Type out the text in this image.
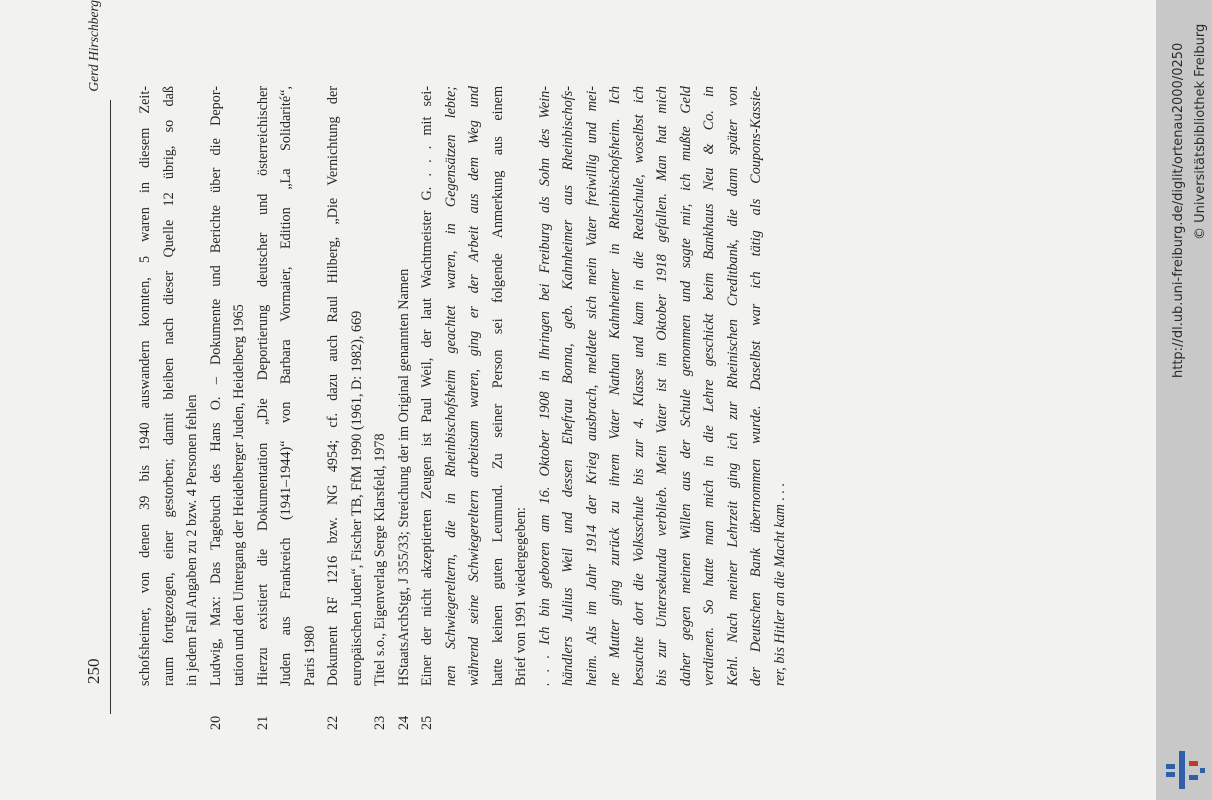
250
Gerd Hirschberg
schofsheimer, von denen 39 bis 1940 auswandern konnten, 5 waren in diesem Zeit- raum fortgezogen, einer gestorben; damit bleiben nach dieser Quelle 12 übrig, so daß in jedem Fall Angaben zu 2 bzw. 4 Personen fehlen
20
Ludwig, Max: Das Tagebuch des Hans O. – Dokumente und Berichte über die Depor- tation und den Untergang der Heidelberger Juden, Heidelberg 1965
21
Hierzu existiert die Dokumentation „Die Deportierung deutscher und österreichischer Juden aus Frankreich (1941–1944)“ von Barbara Vormaier, Edition „La Solidarité“, Paris 1980
22
Dokument RF 1216 bzw. NG 4954; cf. dazu auch Raul Hilberg, „Die Vernichtung der europäischen Juden“, Fischer TB, FfM 1990 (1961, D: 1982), 669
23
Titel s.o., Eigenverlag Serge Klarsfeld, 1978
24
HStaatsArchStgt, J 355/33; Streichung der im Original genannten Namen
25
Einer der nicht akzeptierten Zeugen ist Paul Weil, der laut Wachtmeister G. . . . mit sei- nen Schwiegereltern, die in Rheinbischofsheim geachtet waren, in Gegensätzen lebte; während seine Schwiegereltern arbeitsam waren, ging er der Arbeit aus dem Weg und hatte keinen guten Leumund. Zu seiner Person sei folgende Anmerkung aus einem Brief von 1991 wiedergegeben: . . . Ich bin geboren am 16. Oktober 1908 in Ihringen bei Freiburg als Sohn des Wein- händlers Julius Weil und dessen Ehefrau Bonna, geb. Kahnheimer aus Rheinbischofs- heim. Als im Jahr 1914 der Krieg ausbrach, meldete sich mein Vater freiwillig und mei- ne Mutter ging zurück zu ihrem Vater Nathan Kahnheimer in Rheinbischofsheim. Ich besuchte dort die Volksschule bis zur 4. Klasse und kam in die Realschule, woselbst ich bis zur Untersekunda verblieb. Mein Vater ist im Oktober 1918 gefallen. Man hat mich daher gegen meinen Willen aus der Schule genommen und sagte mir, ich mußte Geld verdienen. So hatte man mich in die Lehre geschickt beim Bankhaus Neu & Co. in Kehl. Nach meiner Lehrzeit ging ich zur Rheinischen Creditbank, die dann später von der Deutschen Bank übernommen wurde. Daselbst war ich tätig als Coupons-Kassie- rer, bis Hitler an die Macht kam . . .
http://dl.ub.uni-freiburg.de/diglit/ortenau2000/0250 © Universitätsbibliothek Freiburg
